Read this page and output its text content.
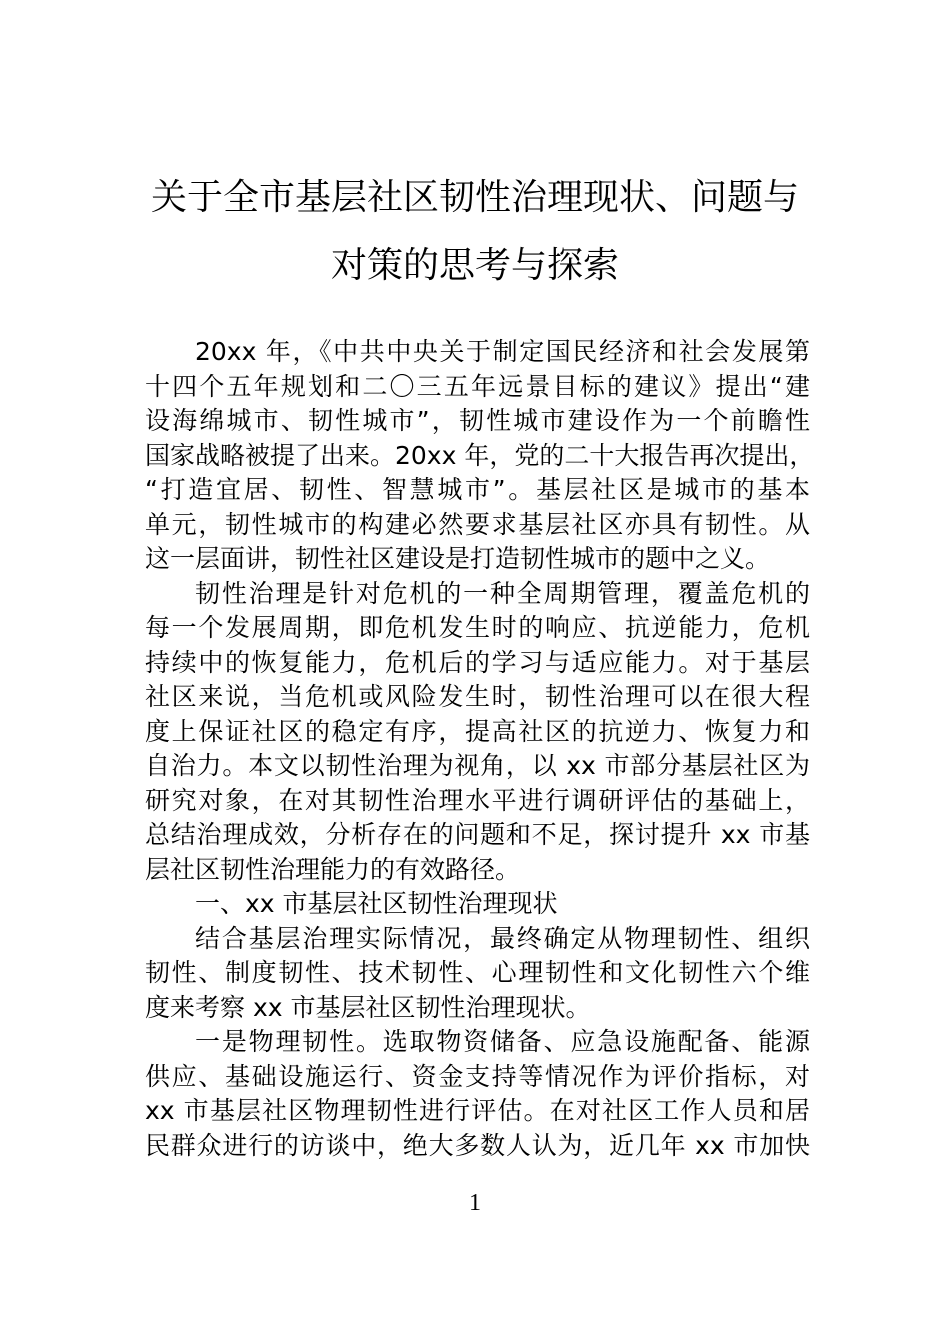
关于全市基层社区韧性治理现状、问题与
对策的思考与探索
20xx 年，《中共中央关于制定国民经济和社会发展第
十四个五年规划和二〇三五年远景目标的建议》提出“建
设海绵城市、韧性城市”，韧性城市建设作为一个前瞻性
国家战略被提了出来。20xx 年，党的二十大报告再次提出，
“打造宜居、韧性、智慧城市”。基层社区是城市的基本
单元，韧性城市的构建必然要求基层社区亦具有韧性。从
这一层面讲，韧性社区建设是打造韧性城市的题中之义。
韧性治理是针对危机的一种全周期管理，覆盖危机的
每一个发展周期，即危机发生时的响应、抗逆能力，危机
持续中的恢复能力，危机后的学习与适应能力。对于基层
社区来说，当危机或风险发生时，韧性治理可以在很大程
度上保证社区的稳定有序，提高社区的抗逆力、恢复力和
自治力。本文以韧性治理为视角，以 xx 市部分基层社区为
研究对象，在对其韧性治理水平进行调研评估的基础上，
总结治理成效，分析存在的问题和不足，探讨提升 xx 市基
层社区韧性治理能力的有效路径。
一、xx 市基层社区韧性治理现状
结合基层治理实际情况，最终确定从物理韧性、组织
韧性、制度韧性、技术韧性、心理韧性和文化韧性六个维
度来考察 xx 市基层社区韧性治理现状。
一是物理韧性。选取物资储备、应急设施配备、能源
供应、基础设施运行、资金支持等情况作为评价指标，对
xx 市基层社区物理韧性进行评估。在对社区工作人员和居
民群众进行的访谈中，绝大多数人认为，近几年 xx 市加快
1
